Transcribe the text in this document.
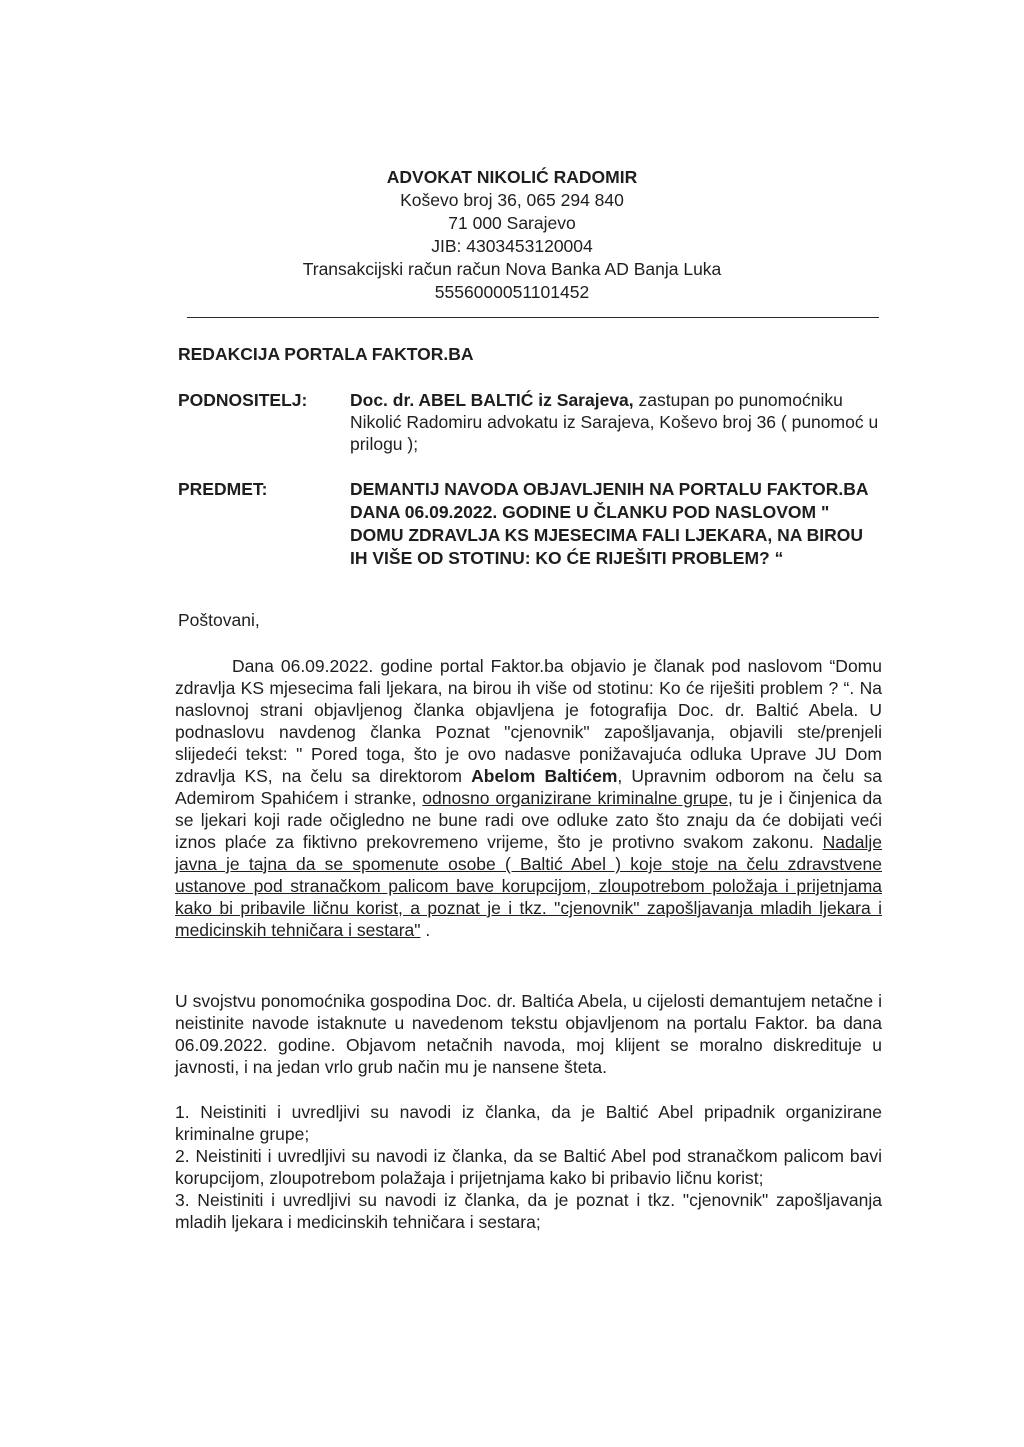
ADVOKAT NIKOLIĆ RADOMIR
Koševo broj 36, 065 294 840
71 000 Sarajevo
JIB: 4303453120004
Transakcijski račun račun Nova Banka AD Banja Luka
5556000051101452
REDAKCIJA PORTALA FAKTOR.BA
PODNOSITELJ: Doc. dr. ABEL BALTIĆ iz Sarajeva, zastupan po punomoćniku Nikolić Radomiru advokatu iz Sarajeva, Koševo broj 36 ( punomoć u prilogu );
PREDMET:	DEMANTIJ NAVODA OBJAVLJENIH NA PORTALU FAKTOR.BA DANA 06.09.2022. GODINE U ČLANKU POD NASLOVOM " DOMU ZDRAVLJA KS MJESECIMA FALI LJEKARA, NA BIROU IH VIŠE OD STOTINU: KO ĆE RIJEŠITI PROBLEM? “
Poštovani,
Dana 06.09.2022. godine portal Faktor.ba objavio je članak pod naslovom “Domu zdravlja KS mjesecima fali ljekara, na birou ih više od stotinu: Ko će riješiti problem ? “. Na naslovnoj strani objavljenog članka objavljena je fotografija Doc. dr. Baltić Abela. U podnaslovu navdenog članka Poznat "cjenovnik" zapošljavanja, objavili ste/prenjeli slijedeći tekst: " Pored toga, što je ovo nadasve ponižavajuća odluka Uprave JU Dom zdravlja KS, na čelu sa direktorom Abelom Baltićem, Upravnim odborom na čelu sa Ademirom Spahićem i stranke, odnosno organizirane kriminalne grupe, tu je i činjenica da se ljekari koji rade očigledno ne bune radi ove odluke zato što znaju da će dobijati veći iznos plaće za fiktivno prekovremeno vrijeme, što je protivno svakom zakonu. Nadalje javna je tajna da se spomenute osobe ( Baltić Abel ) koje stoje na čelu zdravstvene ustanove pod stranačkom palicom bave korupcijom, zloupotrebom položaja i prijetnjama kako bi pribavile ličnu korist, a poznat je i tkz. "cjenovnik" zapošljavanja mladih ljekara i medicinskih tehničara i sestara" .
U svojstvu ponomoćnika gospodina Doc. dr. Baltića Abela, u cijelosti demantujem netačne i neistinite navode istaknute u navedenom tekstu objavljenom na portalu Faktor. ba dana 06.09.2022. godine. Objavom netačnih navoda, moj klijent se moralno diskredituje u javnosti, i na jedan vrlo grub način mu je nansene šteta.

1. Neistiniti i uvredljivi su navodi iz članka, da je Baltić Abel pripadnik organizirane kriminalne grupe;

2. Neistiniti i uvredljivi su navodi iz članka, da se Baltić Abel pod stranačkom palicom bavi korupcijom, zloupotrebom polažaja i prijetnjama kako bi pribavio ličnu korist;

3. Neistiniti i uvredljivi su navodi iz članka, da je poznat i tkz. "cjenovnik" zapošljavanja mladih ljekara i medicinskih tehničara i sestara;
